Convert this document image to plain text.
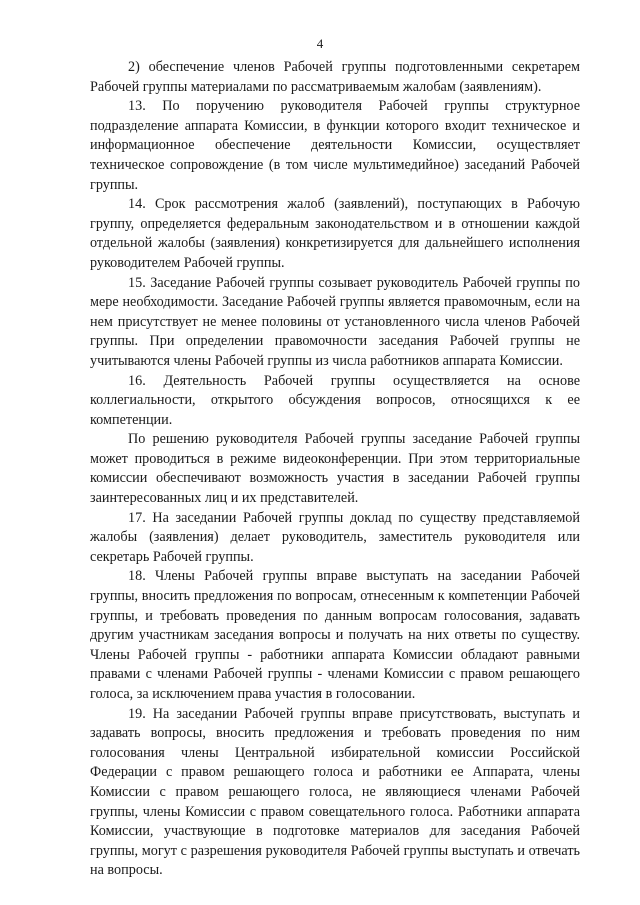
4

2) обеспечение членов Рабочей группы подготовленными секретарем Рабочей группы материалами по рассматриваемым жалобам (заявлениям).

13. По поручению руководителя Рабочей группы структурное подразделение аппарата Комиссии, в функции которого входит техническое и информационное обеспечение деятельности Комиссии, осуществляет техническое сопровождение (в том числе мультимедийное) заседаний Рабочей группы.

14. Срок рассмотрения жалоб (заявлений), поступающих в Рабочую группу, определяется федеральным законодательством и в отношении каждой отдельной жалобы (заявления) конкретизируется для дальнейшего исполнения руководителем Рабочей группы.

15. Заседание Рабочей группы созывает руководитель Рабочей группы по мере необходимости. Заседание Рабочей группы является правомочным, если на нем присутствует не менее половины от установленного числа членов Рабочей группы. При определении правомочности заседания Рабочей группы не учитываются члены Рабочей группы из числа работников аппарата Комиссии.

16. Деятельность Рабочей группы осуществляется на основе коллегиальности, открытого обсуждения вопросов, относящихся к ее компетенции.

По решению руководителя Рабочей группы заседание Рабочей группы может проводиться в режиме видеоконференции. При этом территориальные комиссии обеспечивают возможность участия в заседании Рабочей группы заинтересованных лиц и их представителей.

17. На заседании Рабочей группы доклад по существу представляемой жалобы (заявления) делает руководитель, заместитель руководителя или секретарь Рабочей группы.

18. Члены Рабочей группы вправе выступать на заседании Рабочей группы, вносить предложения по вопросам, отнесенным к компетенции Рабочей группы, и требовать проведения по данным вопросам голосования, задавать другим участникам заседания вопросы и получать на них ответы по существу. Члены Рабочей группы - работники аппарата Комиссии обладают равными правами с членами Рабочей группы - членами Комиссии с правом решающего голоса, за исключением права участия в голосовании.

19. На заседании Рабочей группы вправе присутствовать, выступать и задавать вопросы, вносить предложения и требовать проведения по ним голосования члены Центральной избирательной комиссии Российской Федерации с правом решающего голоса и работники ее Аппарата, члены Комиссии с правом решающего голоса, не являющиеся членами Рабочей группы, члены Комиссии с правом совещательного голоса. Работники аппарата Комиссии, участвующие в подготовке материалов для заседания Рабочей группы, могут с разрешения руководителя Рабочей группы выступать и отвечать на вопросы.
